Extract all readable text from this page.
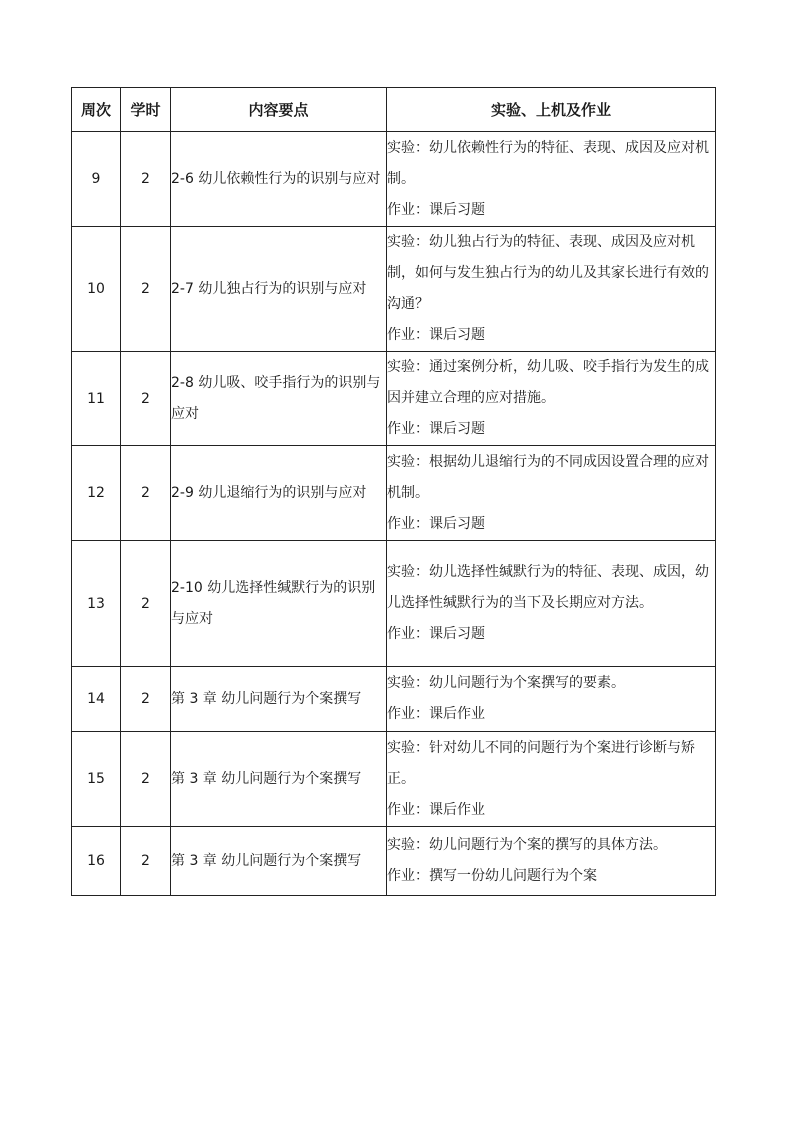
周次	学时	内容要点	实验、上机及作业
9	2	2-6 幼儿依赖性行为的识别与应对	实验：幼儿依赖性行为的特征、表现、成因及应对机制。
作业：课后习题

10	2	2-7 幼儿独占行为的识别与应对	实验：幼儿独占行为的特征、表现、成因及应对机制，如何与发生独占行为的幼儿及其家长进行有效的沟通？
作业：课后习题

11	2	2-8 幼儿吸、咬手指行为的识别与应对	实验：通过案例分析，幼儿吸、咬手指行为发生的成因并建立合理的应对措施。
作业：课后习题

12	2	2-9 幼儿退缩行为的识别与应对	实验：根据幼儿退缩行为的不同成因设置合理的应对机制。
作业：课后习题

13	2	2-10 幼儿选择性缄默行为的识别与应对	实验：幼儿选择性缄默行为的特征、表现、成因，幼儿选择性缄默行为的当下及长期应对方法。
作业：课后习题

14	2	第 3 章 幼儿问题行为个案撰写	实验：幼儿问题行为个案撰写的要素。
作业：课后作业

15	2	第 3 章 幼儿问题行为个案撰写	实验：针对幼儿不同的问题行为个案进行诊断与矫正。
作业：课后作业

16	2	第 3 章 幼儿问题行为个案撰写	实验：幼儿问题行为个案的撰写的具体方法。
作业：撰写一份幼儿问题行为个案
